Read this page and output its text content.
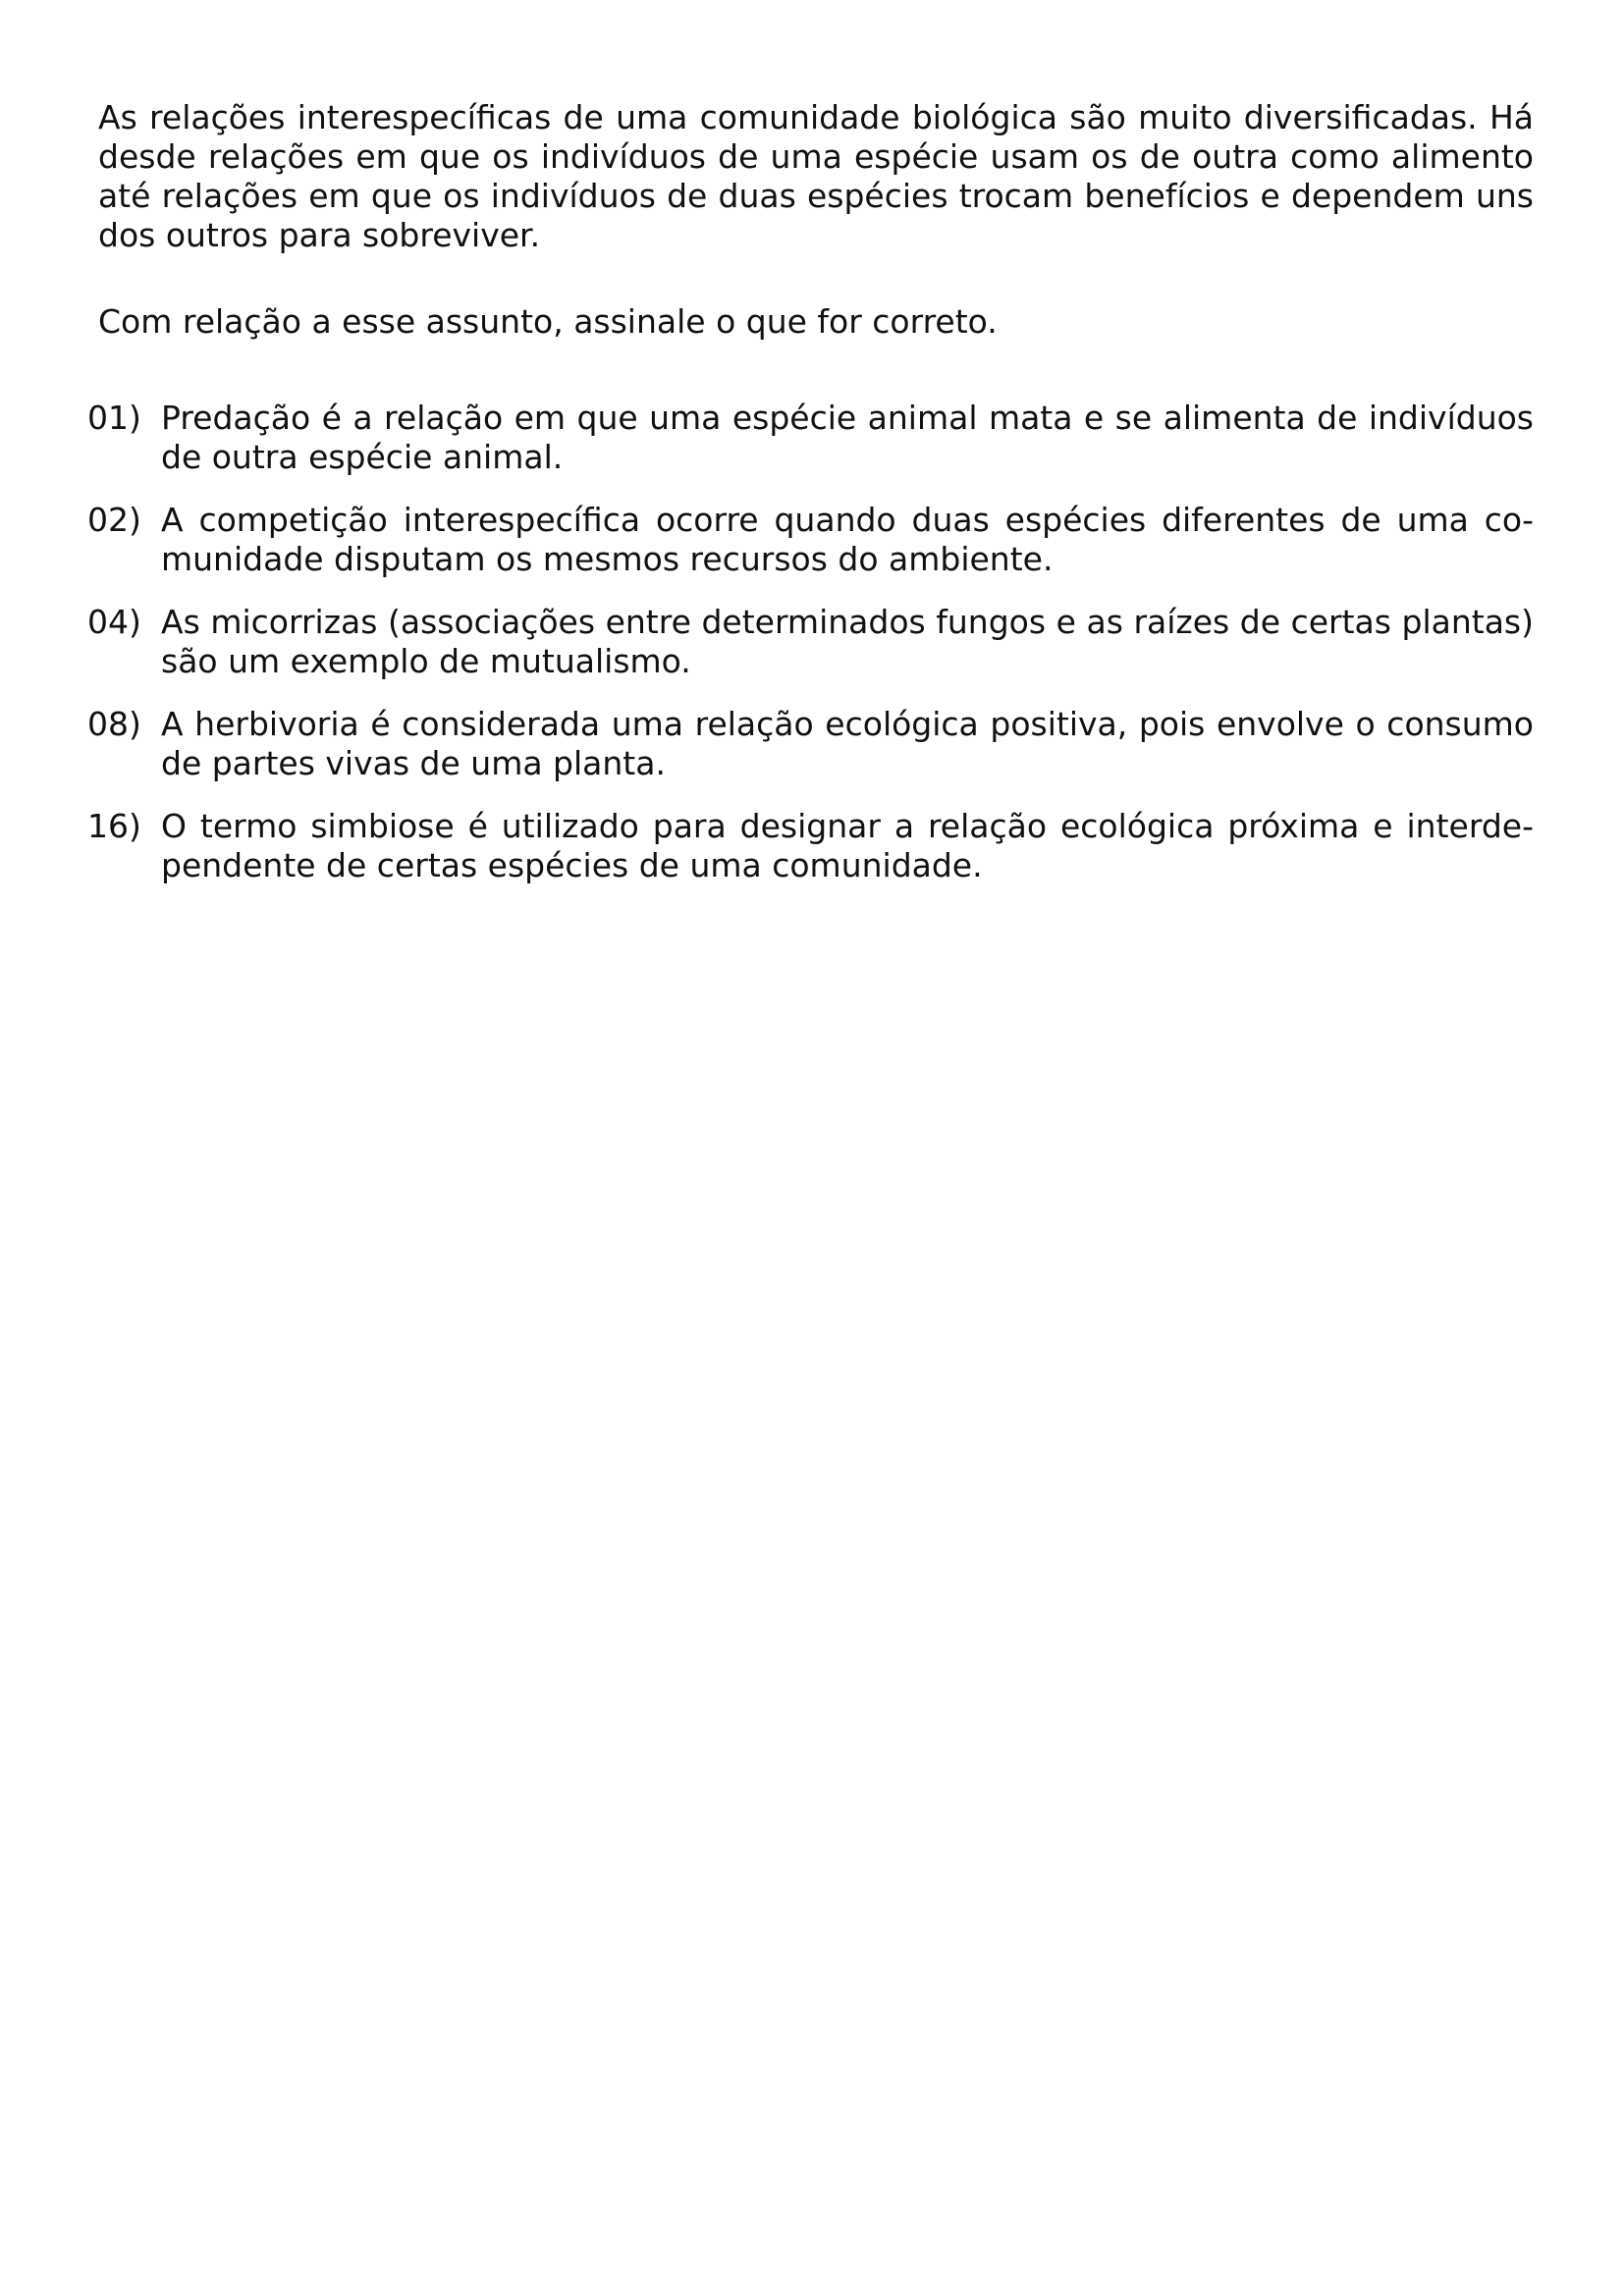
As relações interespecíficas de uma comunidade biológica são muito diversificadas. Há desde relações em que os indivíduos de uma espécie usam os de outra como alimento até relações em que os indivíduos de duas espécies trocam benefícios e dependem uns dos outros para sobreviver.

Com relação a esse assunto, assinale o que for correto.

01) Predação é a relação em que uma espécie animal mata e se alimenta de indivíduos de outra espécie animal.
02) A competição interespecífica ocorre quando duas espécies diferentes de uma comunidade disputam os mesmos recursos do ambiente.
04) As micorrizas (associações entre determinados fungos e as raízes de certas plantas) são um exemplo de mutualismo.
08) A herbivoria é considerada uma relação ecológica positiva, pois envolve o consumo de partes vivas de uma planta.
16) O termo simbiose é utilizado para designar a relação ecológica próxima e interdependente de certas espécies de uma comunidade.
